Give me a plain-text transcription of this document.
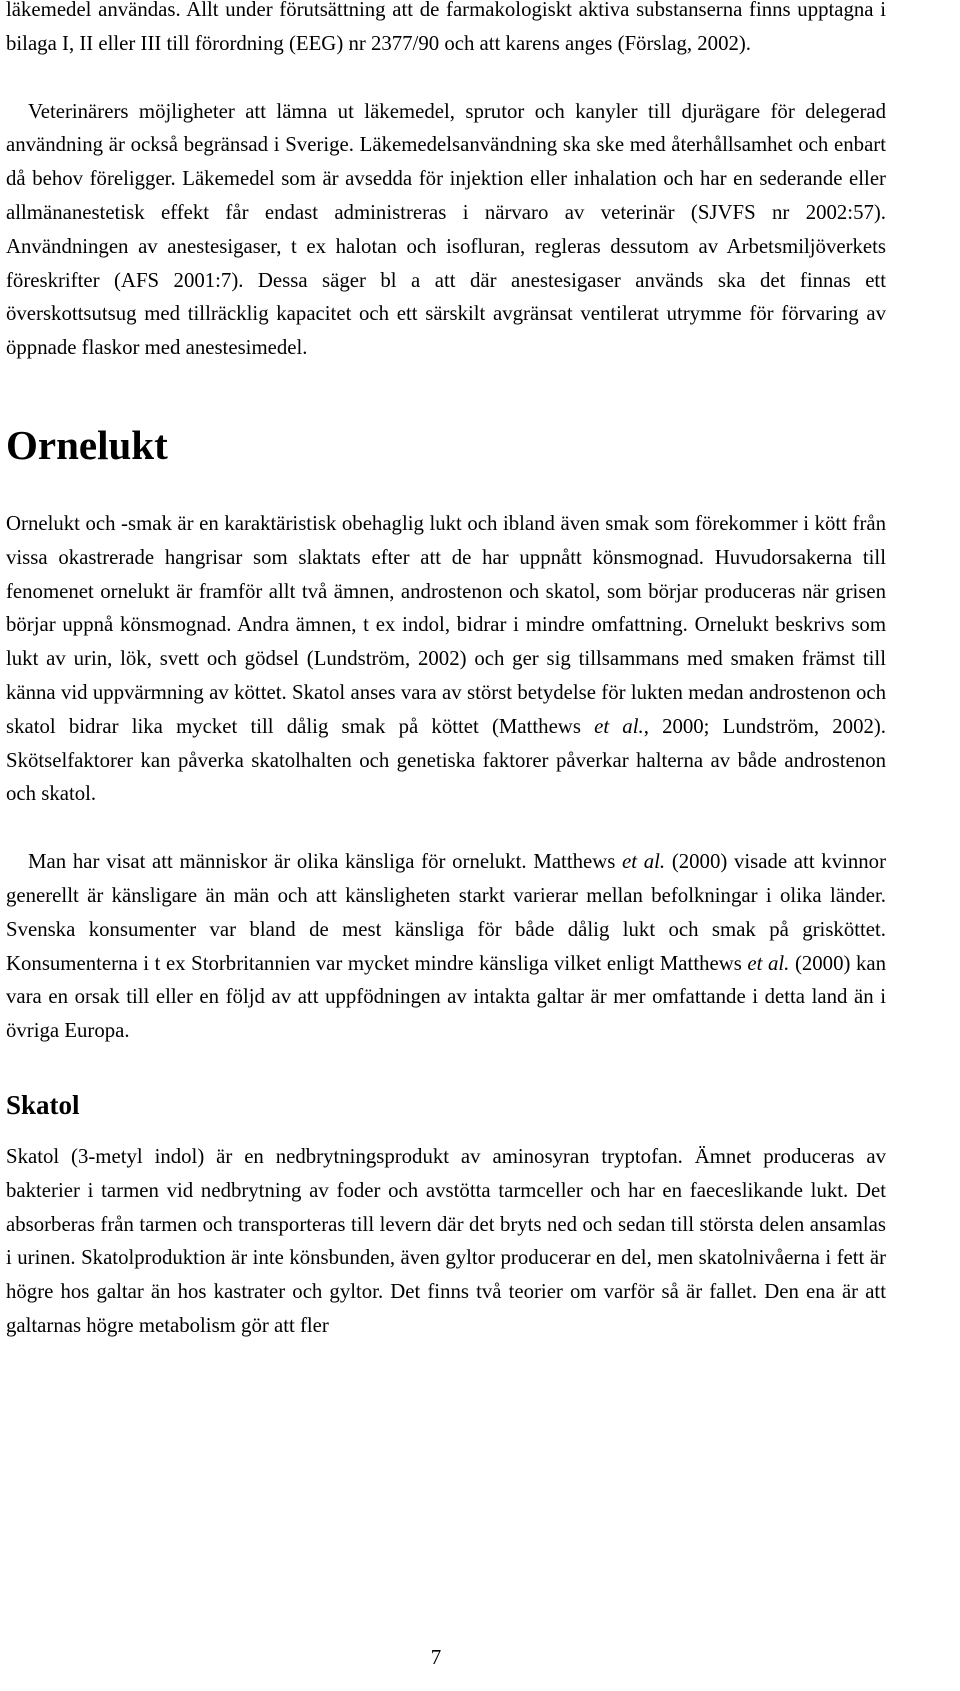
läkemedel användas. Allt under förutsättning att de farmakologiskt aktiva substanserna finns upptagna i bilaga I, II eller III till förordning (EEG) nr 2377/90 och att karens anges (Förslag, 2002).

Veterinärers möjligheter att lämna ut läkemedel, sprutor och kanyler till djurägare för delegerad användning är också begränsad i Sverige. Läkemedelsanvändning ska ske med återhållsamhet och enbart då behov föreligger. Läkemedel som är avsedda för injektion eller inhalation och har en sederande eller allmänanestetisk effekt får endast administreras i närvaro av veterinär (SJVFS nr 2002:57). Användningen av anestesigaser, t ex halotan och isofluran, regleras dessutom av Arbetsmiljöverkets föreskrifter (AFS 2001:7). Dessa säger bl a att där anestesigaser används ska det finnas ett överskottsutsug med tillräcklig kapacitet och ett särskilt avgränsat ventilerat utrymme för förvaring av öppnade flaskor med anestesimedel.

Ornelukt

Ornelukt och -smak är en karaktäristisk obehaglig lukt och ibland även smak som förekommer i kött från vissa okastrerade hangrisar som slaktats efter att de har uppnått könsmognad. Huvudorsakerna till fenomenet ornelukt är framför allt två ämnen, androstenon och skatol, som börjar produceras när grisen börjar uppnå könsmognad. Andra ämnen, t ex indol, bidrar i mindre omfattning. Ornelukt beskrivs som lukt av urin, lök, svett och gödsel (Lundström, 2002) och ger sig tillsammans med smaken främst till känna vid uppvärmning av köttet. Skatol anses vara av störst betydelse för lukten medan androstenon och skatol bidrar lika mycket till dålig smak på köttet (Matthews et al., 2000; Lundström, 2002). Skötselfaktorer kan påverka skatolhalten och genetiska faktorer påverkar halterna av både androstenon och skatol.

Man har visat att människor är olika känsliga för ornelukt. Matthews et al. (2000) visade att kvinnor generellt är känsligare än män och att känsligheten starkt varierar mellan befolkningar i olika länder. Svenska konsumenter var bland de mest känsliga för både dålig lukt och smak på grisköttet. Konsumenterna i t ex Storbritannien var mycket mindre känsliga vilket enligt Matthews et al. (2000) kan vara en orsak till eller en följd av att uppfödningen av intakta galtar är mer omfattande i detta land än i övriga Europa.

Skatol

Skatol (3-metyl indol) är en nedbrytningsprodukt av aminosyran tryptofan. Ämnet produceras av bakterier i tarmen vid nedbrytning av foder och avstötta tarmceller och har en faeceslikande lukt. Det absorberas från tarmen och transporteras till levern där det bryts ned och sedan till största delen ansamlas i urinen. Skatolproduktion är inte könsbunden, även gyltor producerar en del, men skatolnivåerna i fett är högre hos galtar än hos kastrater och gyltor. Det finns två teorier om varför så är fallet. Den ena är att galtarnas högre metabolism gör att fler

7
